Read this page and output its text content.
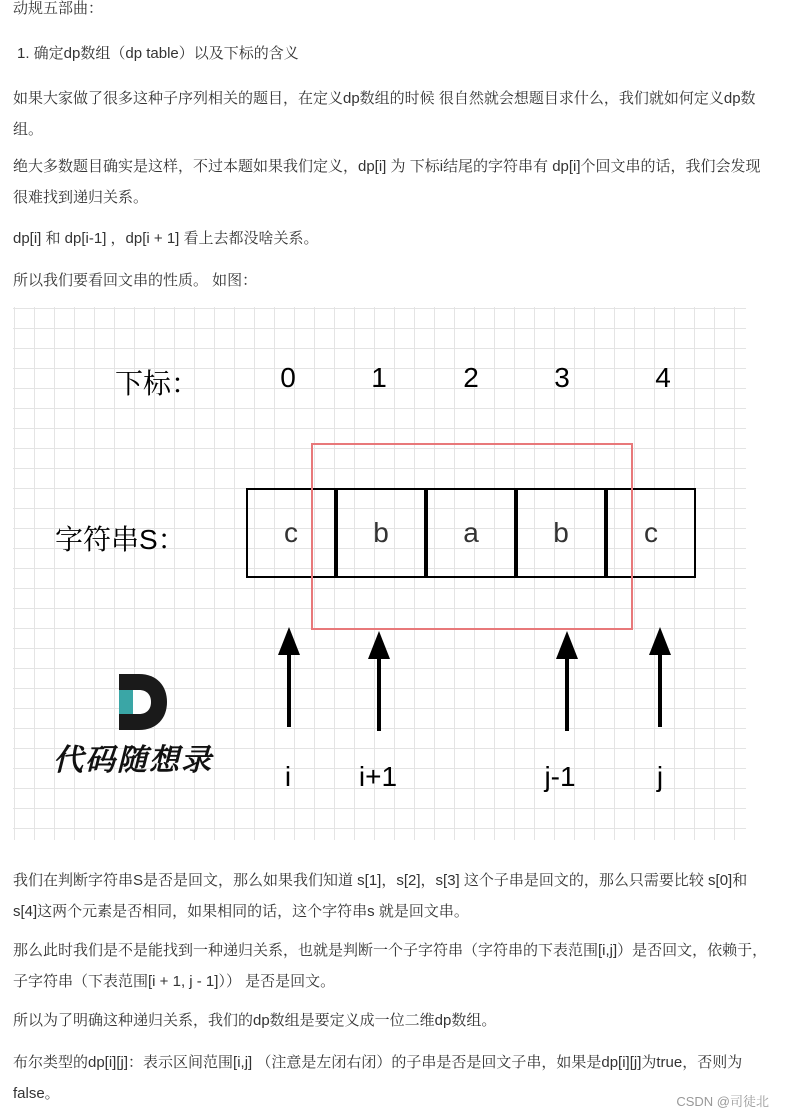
动规五部曲：

1. 确定dp数组（dp table）以及下标的含义

如果大家做了很多这种子序列相关的题目，在定义dp数组的时候 很自然就会想题目求什么，我们就如何定义dp数组。

绝大多数题目确实是这样，不过本题如果我们定义，dp[i] 为 下标i结尾的字符串有 dp[i]个回文串的话，我们会发现很难找到递归关系。

dp[i] 和 dp[i-1] ，dp[i + 1] 看上去都没啥关系。

所以我们要看回文串的性质。 如图：

下标：	0	1	2	3	4
字符串S：	c	b	a	b	c
i	i+1	j-1	j
代码随想录

我们在判断字符串S是否是回文，那么如果我们知道 s[1]，s[2]，s[3] 这个子串是回文的，那么只需要比较 s[0]和s[4]这两个元素是否相同，如果相同的话，这个字符串s 就是回文串。

那么此时我们是不是能找到一种递归关系，也就是判断一个子字符串（字符串的下表范围[i,j]）是否回文，依赖于，子字符串（下表范围[i + 1, j - 1]）） 是否是回文。

所以为了明确这种递归关系，我们的dp数组是要定义成一位二维dp数组。

布尔类型的dp[i][j]：表示区间范围[i,j] （注意是左闭右闭）的子串是否是回文子串，如果是dp[i][j]为true，否则为false。	CSDN @司徒北
